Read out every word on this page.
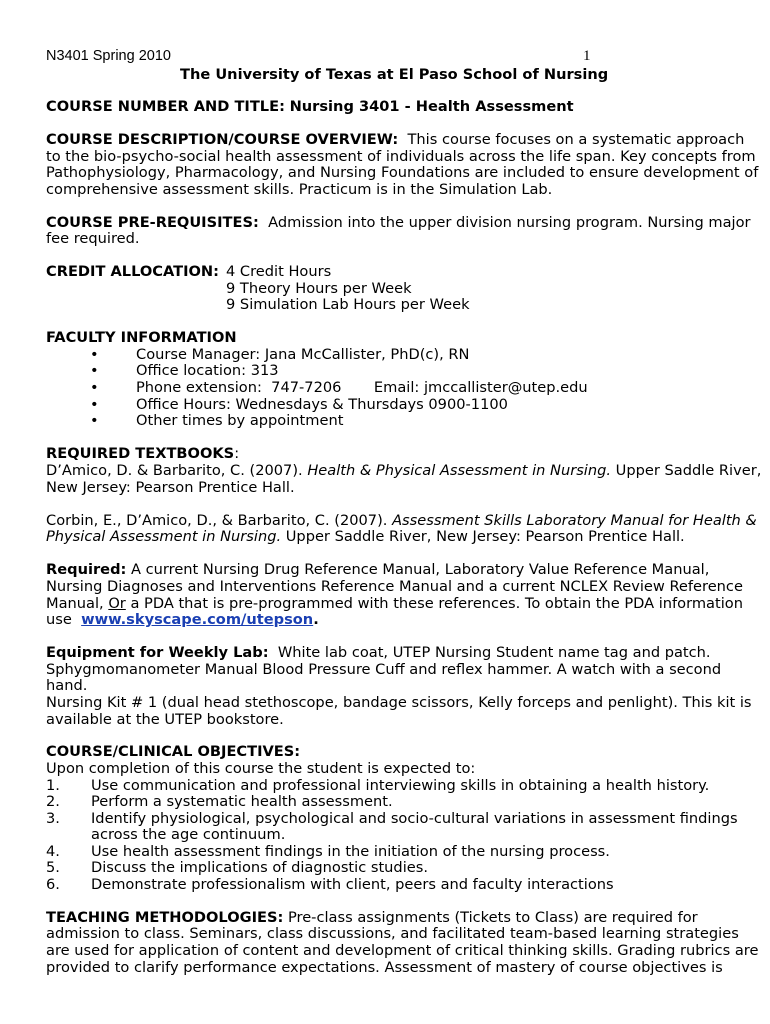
N3401 Spring 2010	1
The University of Texas at El Paso School of Nursing
COURSE NUMBER AND TITLE: Nursing 3401 - Health Assessment
COURSE DESCRIPTION/COURSE OVERVIEW: This course focuses on a systematic approach
to the bio-psycho-social health assessment of individuals across the life span. Key concepts from
Pathophysiology, Pharmacology, and Nursing Foundations are included to ensure development of
comprehensive assessment skills. Practicum is in the Simulation Lab.
COURSE PRE-REQUISITES: Admission into the upper division nursing program. Nursing major
fee required.
CREDIT ALLOCATION: 4 Credit Hours
9 Theory Hours per Week
9 Simulation Lab Hours per Week
FACULTY INFORMATION
•	Course Manager: Jana McCallister, PhD(c), RN
•	Office location: 313
•	Phone extension:  747-7206       Email: jmccallister@utep.edu
•	Office Hours: Wednesdays & Thursdays 0900-1100
•	Other times by appointment
REQUIRED TEXTBOOKS:
D’Amico, D. & Barbarito, C. (2007). Health & Physical Assessment in Nursing. Upper Saddle River,
New Jersey: Pearson Prentice Hall.
Corbin, E., D’Amico, D., & Barbarito, C. (2007). Assessment Skills Laboratory Manual for Health &
Physical Assessment in Nursing. Upper Saddle River, New Jersey: Pearson Prentice Hall.
Required: A current Nursing Drug Reference Manual, Laboratory Value Reference Manual,
Nursing Diagnoses and Interventions Reference Manual and a current NCLEX Review Reference
Manual, Or a PDA that is pre-programmed with these references. To obtain the PDA information
use www.skyscape.com/utepson.
Equipment for Weekly Lab: White lab coat, UTEP Nursing Student name tag and patch.
Sphygmomanometer Manual Blood Pressure Cuff and reflex hammer. A watch with a second
hand.
Nursing Kit # 1 (dual head stethoscope, bandage scissors, Kelly forceps and penlight). This kit is
available at the UTEP bookstore.
COURSE/CLINICAL OBJECTIVES:
Upon completion of this course the student is expected to:
1. Use communication and professional interviewing skills in obtaining a health history.
2. Perform a systematic health assessment.
3. Identify physiological, psychological and socio-cultural variations in assessment findings
across the age continuum.
4. Use health assessment findings in the initiation of the nursing process.
5. Discuss the implications of diagnostic studies.
6. Demonstrate professionalism with client, peers and faculty interactions
TEACHING METHODOLOGIES: Pre-class assignments (Tickets to Class) are required for
admission to class. Seminars, class discussions, and facilitated team-based learning strategies
are used for application of content and development of critical thinking skills. Grading rubrics are
provided to clarify performance expectations. Assessment of mastery of course objectives is
